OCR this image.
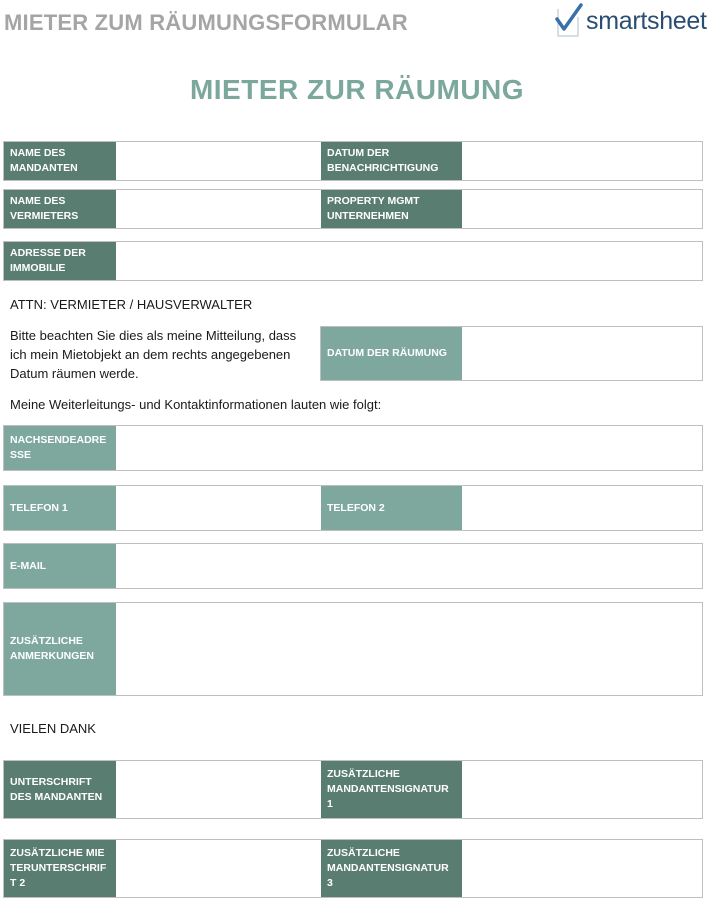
MIETER ZUM RÄUMUNGSFORMULAR	smartsheet
MIETER ZUR RÄUMUNG
NAME DES MANDANTEN
DATUM DER BENACHRICHTIGUNG
NAME DES VERMIETERS
PROPERTY MGMT UNTERNEHMEN
ADRESSE DER IMMOBILIE
ATTN: VERMIETER / HAUSVERWALTER
Bitte beachten Sie dies als meine Mitteilung, dass ich mein Mietobjekt an dem rechts angegebenen Datum räumen werde.
DATUM DER RÄUMUNG
Meine Weiterleitungs- und Kontaktinformationen lauten wie folgt:
NACHSENDEADRESSE
TELEFON 1	TELEFON 2
E-MAIL
ZUSÄTZLICHE ANMERKUNGEN
VIELEN DANK
UNTERSCHRIFT DES MANDANTEN
ZUSÄTZLICHE MANDANTENSIGNATUR 1
ZUSÄTZLICHE MIETERUNTERSCHRIFT 2
ZUSÄTZLICHE MANDANTENSIGNATUR 3
